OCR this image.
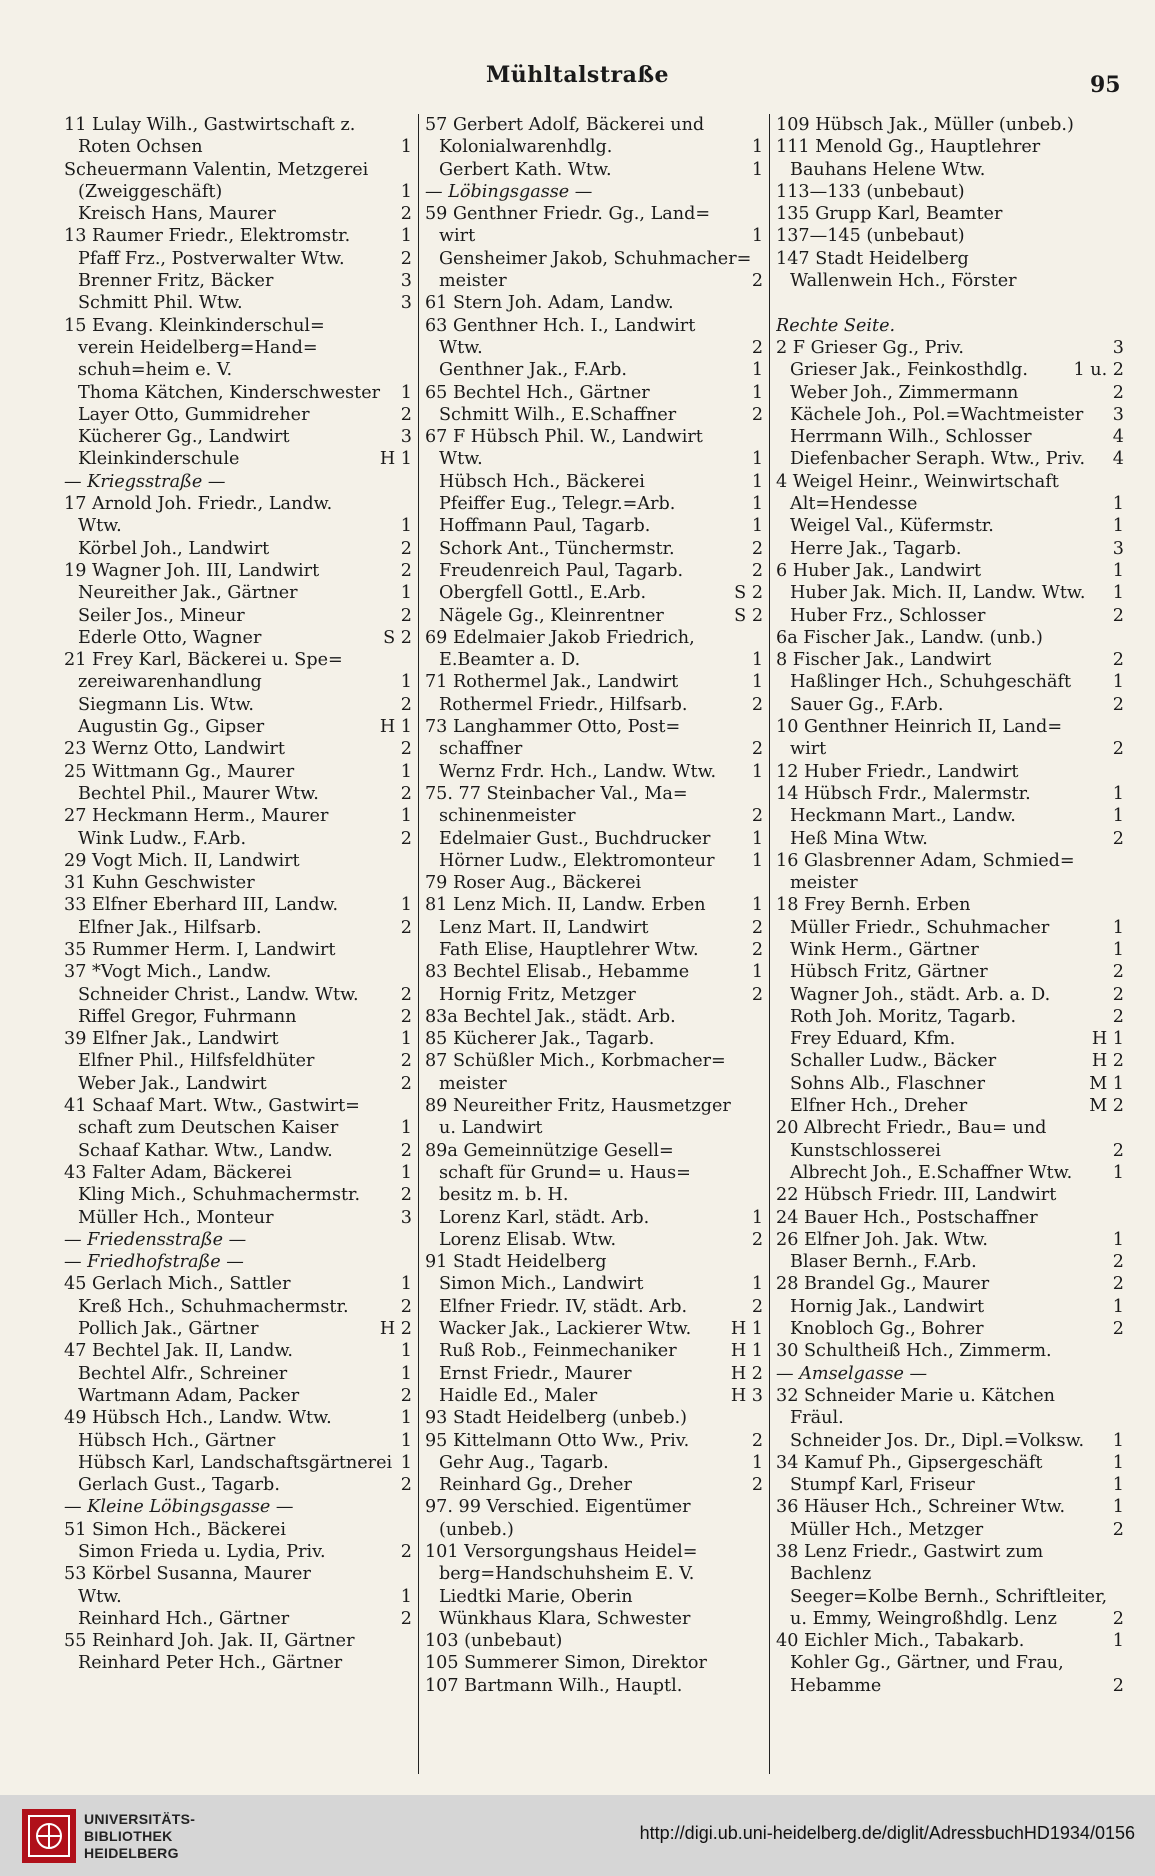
Mühltalstraße	95
11 Lulay Wilh., Gastwirtschaft z.
Roten Ochsen	1
Scheuermann Valentin, Metzgerei
(Zweiggeschäft)	1
Kreisch Hans, Maurer	2
13 Raumer Friedr., Elektromstr.	1
Pfaff Frz., Postverwalter Wtw.	2
Brenner Fritz, Bäcker	3
Schmitt Phil. Wtw.	3
15 Evang. Kleinkinderschul=
verein Heidelberg=Hand=
schuh=heim e. V.
Thoma Kätchen, Kinderschwester	1
Layer Otto, Gummidreher	2
Kücherer Gg., Landwirt	3
Kleinkinderschule	H 1
— Kriegsstraße —
17 Arnold Joh. Friedr., Landw.
Wtw.	1
Körbel Joh., Landwirt	2
19 Wagner Joh. III, Landwirt	2
Neureither Jak., Gärtner	1
Seiler Jos., Mineur	2
Ederle Otto, Wagner	S 2
21 Frey Karl, Bäckerei u. Spe=
zereiwarenhandlung	1
Siegmann Lis. Wtw.	2
Augustin Gg., Gipser	H 1
23 Wernz Otto, Landwirt	2
25 Wittmann Gg., Maurer	1
Bechtel Phil., Maurer Wtw.	2
27 Heckmann Herm., Maurer	1
Wink Ludw., F.Arb.	2
29 Vogt Mich. II, Landwirt
31 Kuhn Geschwister
33 Elfner Eberhard III, Landw.	1
Elfner Jak., Hilfsarb.	2
35 Rummer Herm. I, Landwirt
37 *Vogt Mich., Landw.
Schneider Christ., Landw. Wtw.	2
Riffel Gregor, Fuhrmann	2
39 Elfner Jak., Landwirt	1
Elfner Phil., Hilfsfeldhüter	2
Weber Jak., Landwirt	2
41 Schaaf Mart. Wtw., Gastwirt=
schaft zum Deutschen Kaiser	1
Schaaf Kathar. Wtw., Landw.	2
43 Falter Adam, Bäckerei	1
Kling Mich., Schuhmachermstr.	2
Müller Hch., Monteur	3
— Friedensstraße —
— Friedhofstraße —
45 Gerlach Mich., Sattler	1
Kreß Hch., Schuhmachermstr.	2
Pollich Jak., Gärtner	H 2
47 Bechtel Jak. II, Landw.	1
Bechtel Alfr., Schreiner	1
Wartmann Adam, Packer	2
49 Hübsch Hch., Landw. Wtw.	1
Hübsch Hch., Gärtner	1
Hübsch Karl, Landschaftsgärtnerei 1
Gerlach Gust., Tagarb.	2
— Kleine Löbingsgasse —
51 Simon Hch., Bäckerei
Simon Frieda u. Lydia, Priv.	2
53 Körbel Susanna, Maurer
Wtw.	1
Reinhard Hch., Gärtner	2
55 Reinhard Joh. Jak. II, Gärtner
Reinhard Peter Hch., Gärtner
57 Gerbert Adolf, Bäckerei und
Kolonialwarenhdlg.	1
Gerbert Kath. Wtw.	1
— Löbingsgasse —
59 Genthner Friedr. Gg., Land=
wirt	1
Gensheimer Jakob, Schuhmacher=
meister	2
61 Stern Joh. Adam, Landw.
63 Genthner Hch. I., Landwirt
Wtw.	2
Genthner Jak., F.Arb.	1
65 Bechtel Hch., Gärtner	1
Schmitt Wilh., E.Schaffner	2
67 F Hübsch Phil. W., Landwirt
Wtw.	1
Hübsch Hch., Bäckerei	1
Pfeiffer Eug., Telegr.=Arb.	1
Hoffmann Paul, Tagarb.	1
Schork Ant., Tünchermstr.	2
Freudenreich Paul, Tagarb.	2
Obergfell Gottl., E.Arb.	S 2
Nägele Gg., Kleinrentner	S 2
69 Edelmaier Jakob Friedrich,
E.Beamter a. D.	1
71 Rothermel Jak., Landwirt	1
Rothermel Friedr., Hilfsarb.	2
73 Langhammer Otto, Post=
schaffner	2
Wernz Frdr. Hch., Landw. Wtw.	1
75. 77 Steinbacher Val., Ma=
schinenmeister	2
Edelmaier Gust., Buchdrucker	1
Hörner Ludw., Elektromonteur	1
79 Roser Aug., Bäckerei
81 Lenz Mich. II, Landw. Erben	1
Lenz Mart. II, Landwirt	2
Fath Elise, Hauptlehrer Wtw.	2
83 Bechtel Elisab., Hebamme	1
Hornig Fritz, Metzger	2
83a Bechtel Jak., städt. Arb.
85 Kücherer Jak., Tagarb.
87 Schüßler Mich., Korbmacher=
meister
89 Neureither Fritz, Hausmetzger
u. Landwirt
89a Gemeinnützige Gesell=
schaft für Grund= u. Haus=
besitz m. b. H.
Lorenz Karl, städt. Arb.	1
Lorenz Elisab. Wtw.	2
91 Stadt Heidelberg
Simon Mich., Landwirt	1
Elfner Friedr. IV, städt. Arb.	2
Wacker Jak., Lackierer Wtw.	H 1
Ruß Rob., Feinmechaniker	H 1
Ernst Friedr., Maurer	H 2
Haidle Ed., Maler	H 3
93 Stadt Heidelberg (unbeb.)
95 Kittelmann Otto Ww., Priv.	2
Gehr Aug., Tagarb.	1
Reinhard Gg., Dreher	2
97. 99 Verschied. Eigentümer
(unbeb.)
101 Versorgungshaus Heidel=
berg=Handschuhsheim E. V.
Liedtki Marie, Oberin
Wünkhaus Klara, Schwester
103 (unbebaut)
105 Summerer Simon, Direktor
107 Bartmann Wilh., Hauptl.
109 Hübsch Jak., Müller (unbeb.)
111 Menold Gg., Hauptlehrer
Bauhans Helene Wtw.
113—133 (unbebaut)
135 Grupp Karl, Beamter
137—145 (unbebaut)
147 Stadt Heidelberg
Wallenwein Hch., Förster
Rechte Seite.
2 F Grieser Gg., Priv.	3
Grieser Jak., Feinkosthdlg.	1 u. 2
Weber Joh., Zimmermann	2
Kächele Joh., Pol.=Wachtmeister	3
Herrmann Wilh., Schlosser	4
Diefenbacher Seraph. Wtw., Priv.	4
4 Weigel Heinr., Weinwirtschaft
Alt=Hendesse	1
Weigel Val., Küfermstr.	1
Herre Jak., Tagarb.	3
6 Huber Jak., Landwirt	1
Huber Jak. Mich. II, Landw. Wtw.	1
Huber Frz., Schlosser	2
6a Fischer Jak., Landw. (unb.)
8 Fischer Jak., Landwirt	2
Haßlinger Hch., Schuhgeschäft	1
Sauer Gg., F.Arb.	2
10 Genthner Heinrich II, Land=
wirt	2
12 Huber Friedr., Landwirt
14 Hübsch Frdr., Malermstr.	1
Heckmann Mart., Landw.	1
Heß Mina Wtw.	2
16 Glasbrenner Adam, Schmied=
meister
18 Frey Bernh. Erben
Müller Friedr., Schuhmacher	1
Wink Herm., Gärtner	1
Hübsch Fritz, Gärtner	2
Wagner Joh., städt. Arb. a. D.	2
Roth Joh. Moritz, Tagarb.	2
Frey Eduard, Kfm.	H 1
Schaller Ludw., Bäcker	H 2
Sohns Alb., Flaschner	M 1
Elfner Hch., Dreher	M 2
20 Albrecht Friedr., Bau= und
Kunstschlosserei	2
Albrecht Joh., E.Schaffner Wtw.	1
22 Hübsch Friedr. III, Landwirt
24 Bauer Hch., Postschaffner
26 Elfner Joh. Jak. Wtw.	1
Blaser Bernh., F.Arb.	2
28 Brandel Gg., Maurer	2
Hornig Jak., Landwirt	1
Knobloch Gg., Bohrer	2
30 Schultheiß Hch., Zimmerm.
— Amselgasse —
32 Schneider Marie u. Kätchen
Fräul.
Schneider Jos. Dr., Dipl.=Volksw.	1
34 Kamuf Ph., Gipsergeschäft	1
Stumpf Karl, Friseur	1
36 Häuser Hch., Schreiner Wtw.	1
Müller Hch., Metzger	2
38 Lenz Friedr., Gastwirt zum
Bachlenz
Seeger=Kolbe Bernh., Schriftleiter,
u. Emmy, Weingroßhdlg. Lenz	2
40 Eichler Mich., Tabakarb.	1
Kohler Gg., Gärtner, und Frau,
Hebamme	2
UNIVERSITÄTS-
BIBLIOTHEK
HEIDELBERG
http://digi.ub.uni-heidelberg.de/diglit/AdressbuchHD1934/0156
